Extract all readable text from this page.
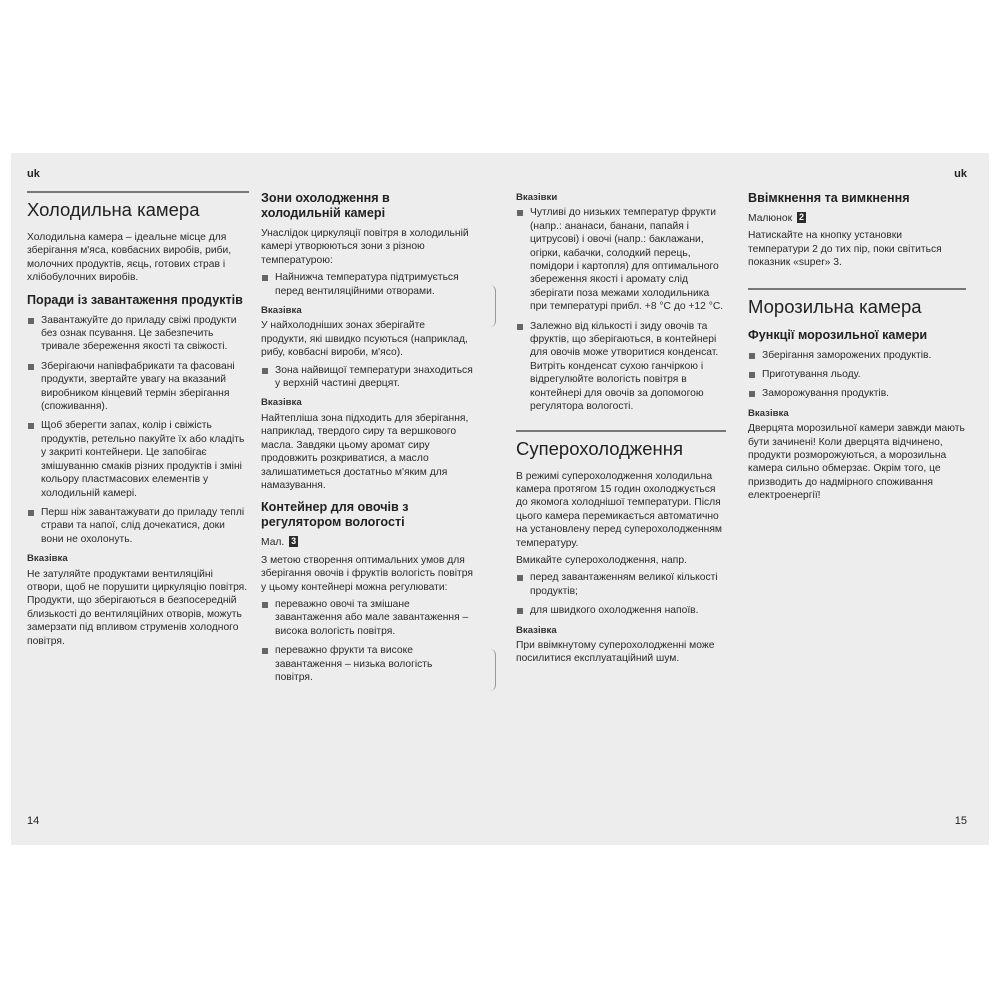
uk
Холодильна камера

Холодильна камера – ідеальне місце для зберігання м'яса, ковбасних виробів, риби, молочних продуктів, яєць, готових страв і хлібобулочних виробів.

Поради із завантаження продуктів
Завантажуйте до приладу свіжі продукти без ознак псування. Це забезпечить тривале збереження якості та свіжості.
Зберігаючи напівфабрикати та фасовані продукти, звертайте увагу на вказаний виробником кінцевий термін зберігання (споживання).
Щоб зберегти запах, колір і свіжість продуктів, ретельно пакуйте їх або кладіть у закриті контейнери. Це запобігає змішуванню смаків різних продуктів і зміні кольору пластмасових елементів у холодильній камері.
Перш ніж завантажувати до приладу теплі страви та напої, слід дочекатися, доки вони не охолонуть.
Вказівка

Не затуляйте продуктами вентиляційні отвори, щоб не порушити циркуляцію повітря. Продукти, що зберігаються в безпосередній близькості до вентиляційних отворів, можуть замерзати під впливом струменів холодного повітря.

Зони охолодження в холодильній камері

Унаслідок циркуляції повітря в холодильній камері утворюються зони з різною температурою:

Найнижча температура підтримується перед вентиляційними отворами.
Вказівка

У найхолодніших зонах зберігайте продукти, які швидко псуються (наприклад, рибу, ковбасні вироби, м'ясо).

Зона найвищої температури знаходиться у верхній частині дверцят.
Вказівка

Найтепліша зона підходить для зберігання, наприклад, твердого сиру та вершкового масла. Завдяки цьому аромат сиру продовжить розкриватися, а масло залишатиметься достатньо м'яким для намазування.

Контейнер для овочів з регулятором вологості

Мал. 3

З метою створення оптимальних умов для зберігання овочів і фруктів вологість повітря у цьому контейнері можна регулювати:

переважно овочі та змішане завантаження або мале завантаження – висока вологість повітря.
переважно фрукти та високе завантаження – низька вологість повітря.
14
uk
Вказівки
Чутливі до низьких температур фрукти (напр.: ананаси, банани, папайя і цитрусові) і овочі (напр.: баклажани, огірки, кабачки, солодкий перець, помідори і картопля) для оптимального збереження якості і аромату слід зберігати поза межами холодильника при температурі прибл. +8 °C до +12 °C.
Залежно від кількості і зиду овочів та фруктів, що зберігаються, в контейнері для овочів може утворитися конденсат. Витріть конденсат сухою ганчіркою і відрегулюйте вологість повітря в контейнері для овочів за допомогою регулятора вологості.
Суперохолодження

В режимі суперохолодження холодильна камера протягом 15 годин охолоджується до якомога холоднішої температури. Після цього камера перемикається автоматично на установлену перед суперохолодженням температуру.

Вмикайте суперохолодження, напр.

перед завантаженням великої кількості продуктів;
для швидкого охолодження напоїв.
Вказівка

При ввімкнутому суперохолодженні може посилитися експлуатаційний шум.

Ввімкнення та вимкнення

Малюнок 2

Натискайте на кнопку установки температури 2 до тих пір, поки світиться показник «super» 3.

Морозильна камера
Функції морозильної камери
Зберігання заморожених продуктів.
Приготування льоду.
Заморожування продуктів.
Вказівка

Дверцята морозильної камери завжди мають бути зачинені! Коли дверцята відчинено, продукти розморожуються, а морозильна камера сильно обмерзає. Окрім того, це призводить до надмірного споживання електроенергії!

15
